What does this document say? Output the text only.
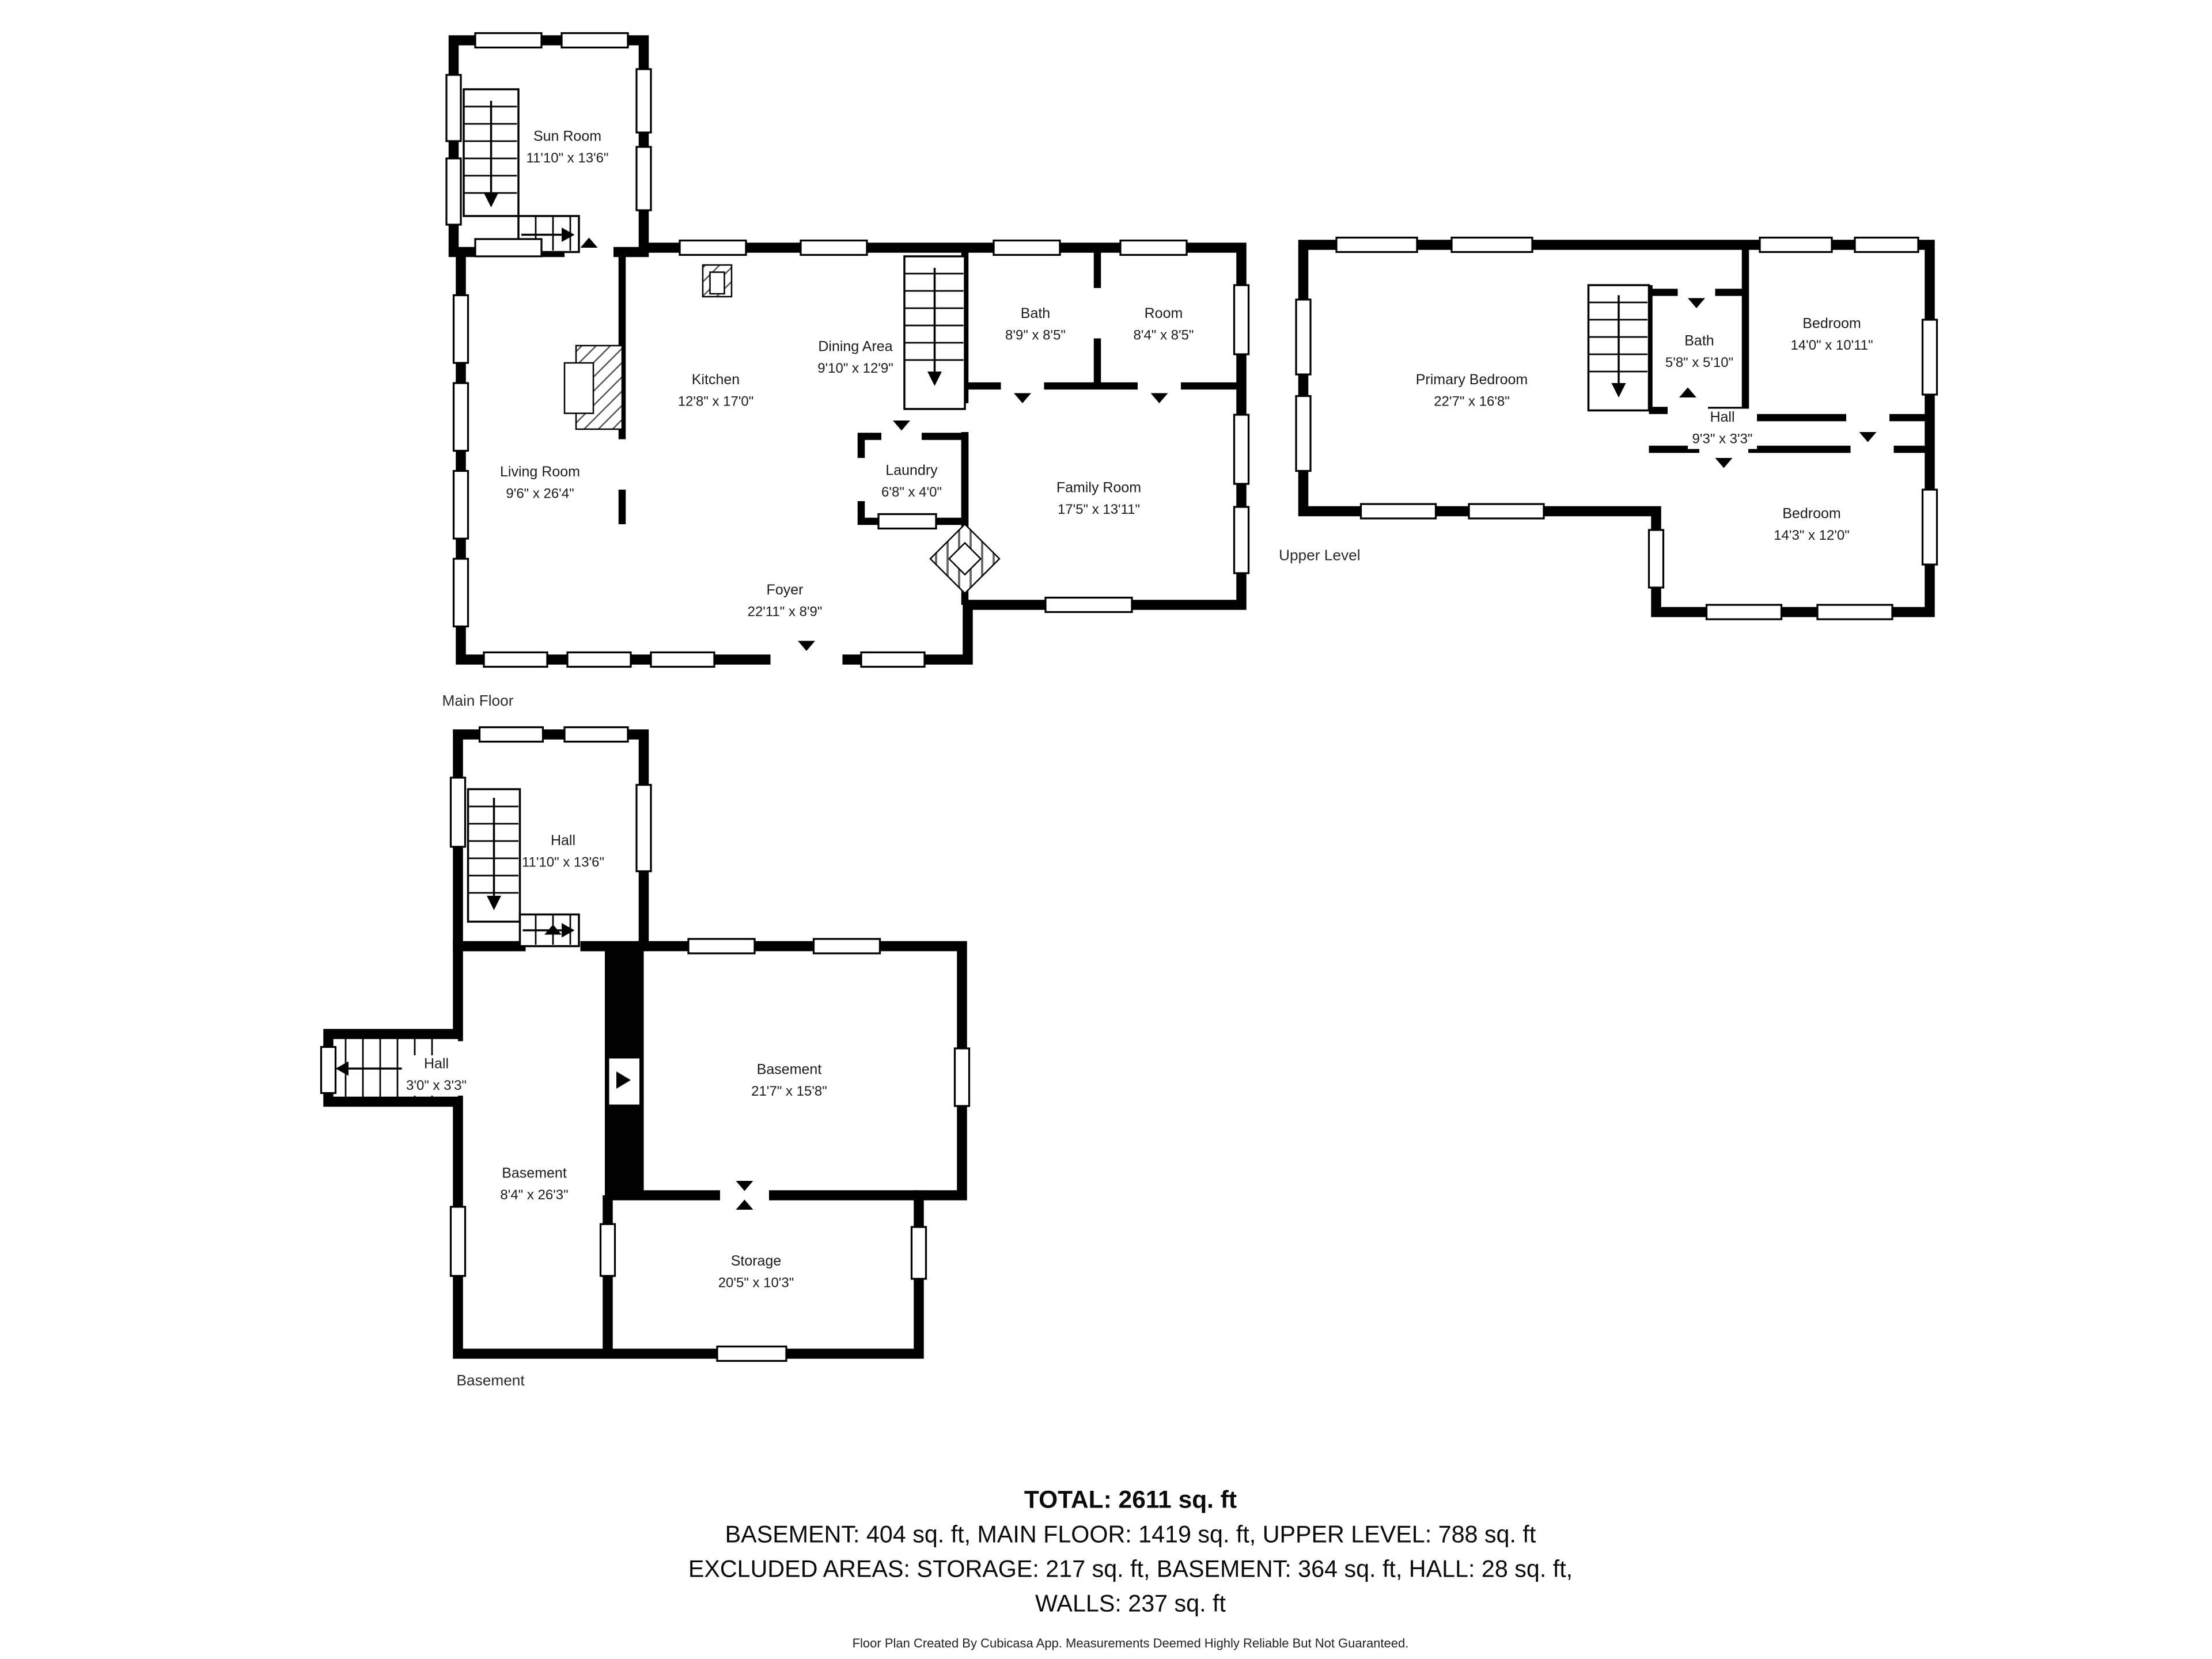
Sun Room
11'10" x 13'6"
Living Room
9'6" x 26'4"
Kitchen
12'8" x 17'0"
Dining Area
9'10" x 12'9"
Bath
8'9" x 8'5"
Room
8'4" x 8'5"
Laundry
6'8" x 4'0"	Family Room
17'5" x 13'11"
Foyer
22'11" x 8'9"
Main Floor
Primary Bedroom
22'7" x 16'8"
Bath
5'8" x 5'10"
Bedroom
14'0" x 10'11"
Hall
9'3" x 3'3"
Bedroom
14'3" x 12'0"
Upper Level
Hall
11'10" x 13'6"
Hall
3'0" x 3'3"
Basement
21'7" x 15'8"
Basement
8'4" x 26'3"
Storage
20'5" x 10'3"
Basement
TOTAL: 2611 sq. ft
BASEMENT: 404 sq. ft, MAIN FLOOR: 1419 sq. ft, UPPER LEVEL: 788 sq. ft
EXCLUDED AREAS: STORAGE: 217 sq. ft, BASEMENT: 364 sq. ft, HALL: 28 sq. ft,
WALLS: 237 sq. ft
Floor Plan Created By Cubicasa App. Measurements Deemed Highly Reliable But Not Guaranteed.
